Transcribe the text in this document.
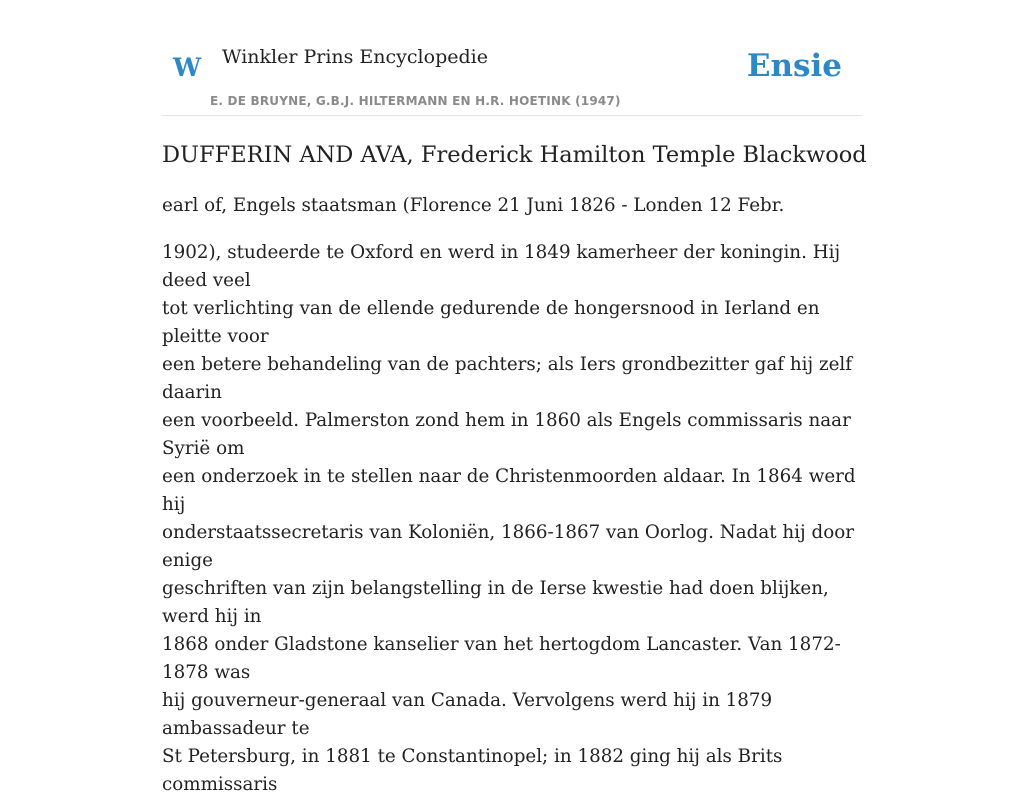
W Winkler Prins Encyclopedie
E. DE BRUYNE, G.B.J. HILTERMANN EN H.R. HOETINK (1947)
Ensie
DUFFERIN AND AVA, Frederick Hamilton Temple Blackwood

earl of, Engels staatsman (Florence 21 Juni 1826 - Londen 12 Febr.

1902), studeerde te Oxford en werd in 1849 kamerheer der koningin. Hij deed veel
tot verlichting van de ellende gedurende de hongersnood in Ierland en pleitte voor
een betere behandeling van de pachters; als Iers grondbezitter gaf hij zelf daarin
een voorbeeld. Palmerston zond hem in 1860 als Engels commissaris naar Syrië om
een onderzoek in te stellen naar de Christenmoorden aldaar. In 1864 werd hij
onderstaatssecretaris van Koloniën, 1866-1867 van Oorlog. Nadat hij door enige
geschriften van zijn belangstelling in de Ierse kwestie had doen blijken, werd hij in
1868 onder Gladstone kanselier van het hertogdom Lancaster. Van 1872-1878 was
hij gouverneur-generaal van Canada. Vervolgens werd hij in 1879 ambassadeur te
St Petersburg, in 1881 te Constantinopel; in 1882 ging hij als Brits commissaris
